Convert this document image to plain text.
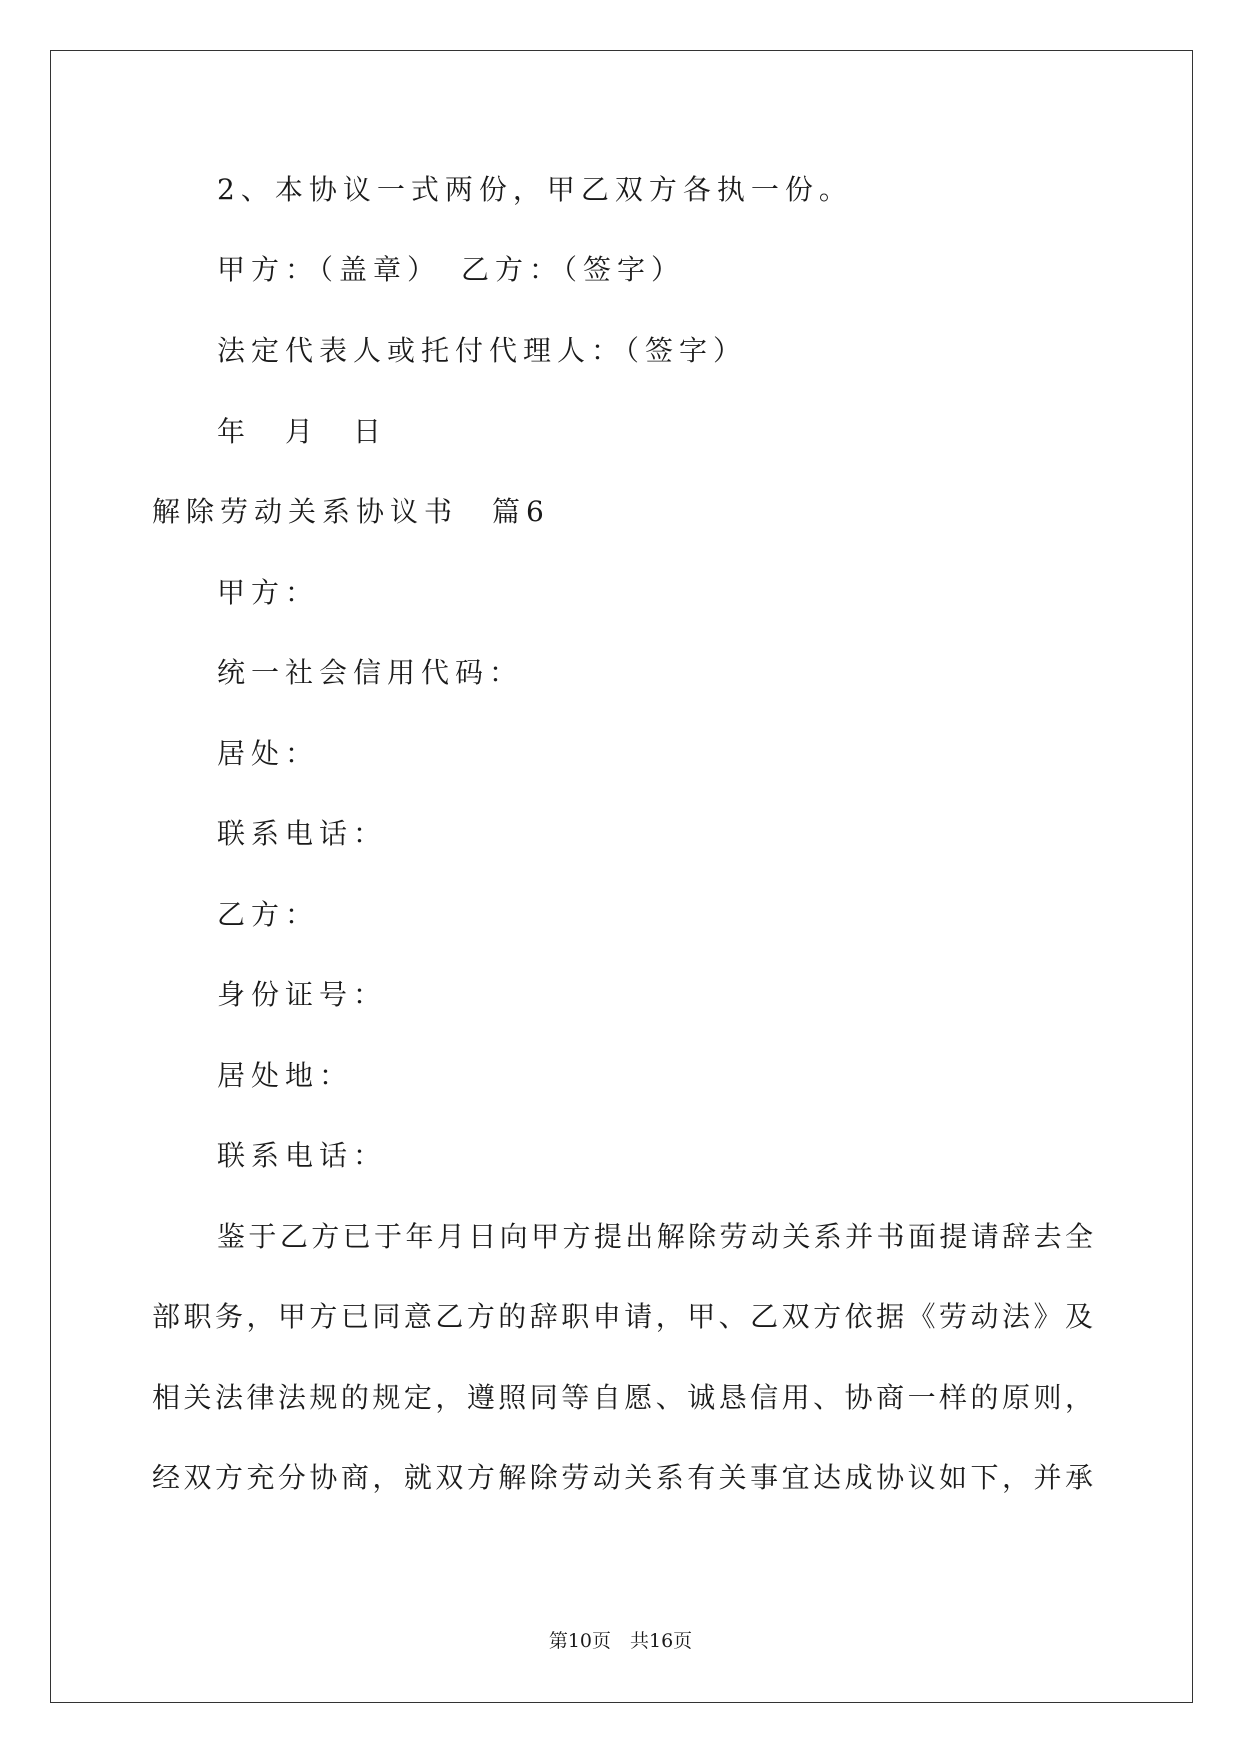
2、本协议一式两份，甲乙双方各执一份。
甲方：（盖章）　乙方：（签字）
法定代表人或托付代理人：（签字）
年　月　日
解除劳动关系协议书　篇6
甲方：
统一社会信用代码：
居处：
联系电话：
乙方：
身份证号：
居处地：
联系电话：
鉴于乙方已于年月日向甲方提出解除劳动关系并书面提请辞去全
部职务，甲方已同意乙方的辞职申请，甲、乙双方依据《劳动法》及
相关法律法规的规定，遵照同等自愿、诚恳信用、协商一样的原则，
经双方充分协商，就双方解除劳动关系有关事宜达成协议如下，并承
第10页　共16页
